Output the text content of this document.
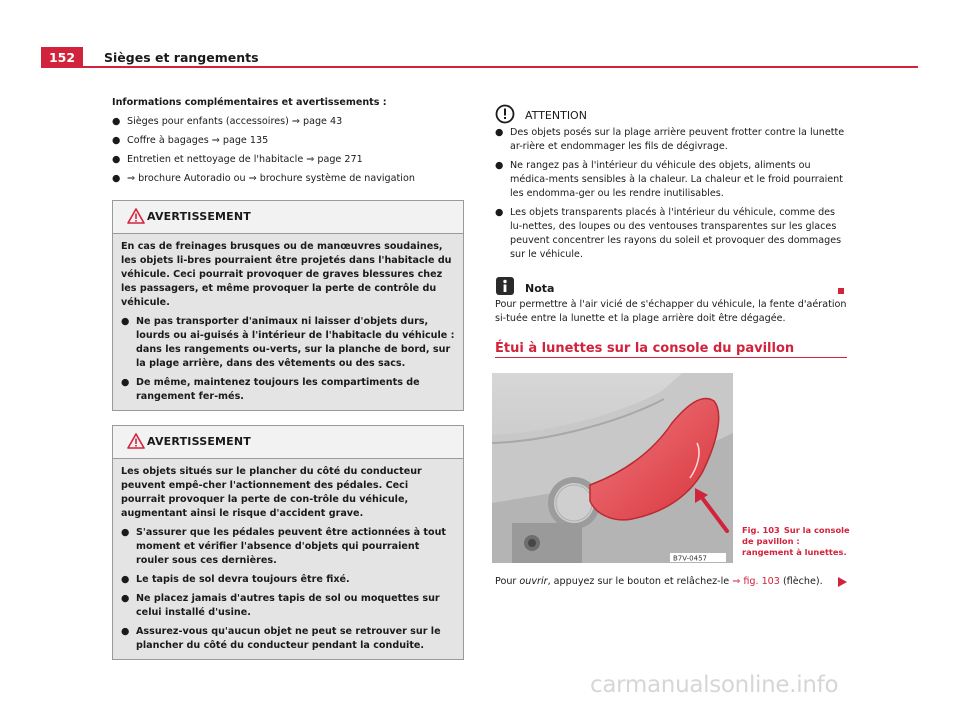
152	Sièges et rangements

Informations complémentaires et avertissements :

● Sièges pour enfants (accessoires) ⇒ page 43
● Coffre à bagages ⇒ page 135
● Entretien et nettoyage de l'habitacle ⇒ page 271
● ⇒ brochure Autoradio ou ⇒ brochure système de navigation
AVERTISSEMENT

En cas de freinages brusques ou de manœuvres soudaines, les objets li-bres pourraient être projetés dans l'habitacle du véhicule. Ceci pourrait provoquer de graves blessures chez les passagers, et même provoquer la perte de contrôle du véhicule.

● Ne pas transporter d'animaux ni laisser d'objets durs, lourds ou ai-guisés à l'intérieur de l'habitacle du véhicule : dans les rangements ou-verts, sur la planche de bord, sur la plage arrière, dans des vêtements ou des sacs.

● De même, maintenez toujours les compartiments de rangement fer-més.

AVERTISSEMENT

Les objets situés sur le plancher du côté du conducteur peuvent empê-cher l'actionnement des pédales. Ceci pourrait provoquer la perte de con-trôle du véhicule, augmentant ainsi le risque d'accident grave.

● S'assurer que les pédales peuvent être actionnées à tout moment et vérifier l'absence d'objets qui pourraient rouler sous ces dernières.

● Le tapis de sol devra toujours être fixé.

● Ne placez jamais d'autres tapis de sol ou moquettes sur celui installé d'usine.

● Assurez-vous qu'aucun objet ne peut se retrouver sur le plancher du côté du conducteur pendant la conduite.

ATTENTION

● Des objets posés sur la plage arrière peuvent frotter contre la lunette ar-rière et endommager les fils de dégivrage.

● Ne rangez pas à l'intérieur du véhicule des objets, aliments ou médica-ments sensibles à la chaleur. La chaleur et le froid pourraient les endomma-ger ou les rendre inutilisables.

● Les objets transparents placés à l'intérieur du véhicule, comme des lu-nettes, des loupes ou des ventouses transparentes sur les glaces peuvent concentrer les rayons du soleil et provoquer des dommages sur le véhicule.

Nota

Pour permettre à l'air vicié de s'échapper du véhicule, la fente d'aération si-tuée entre la lunette et la plage arrière doit être dégagée.

Étui à lunettes sur la console du pavillon
B7V-0457
Fig. 103 Sur la console de pavillon : rangement à lunettes.
Pour ouvrir, appuyez sur le bouton et relâchez-le ⇒ fig. 103 (flèche).
carmanualsonline.info
